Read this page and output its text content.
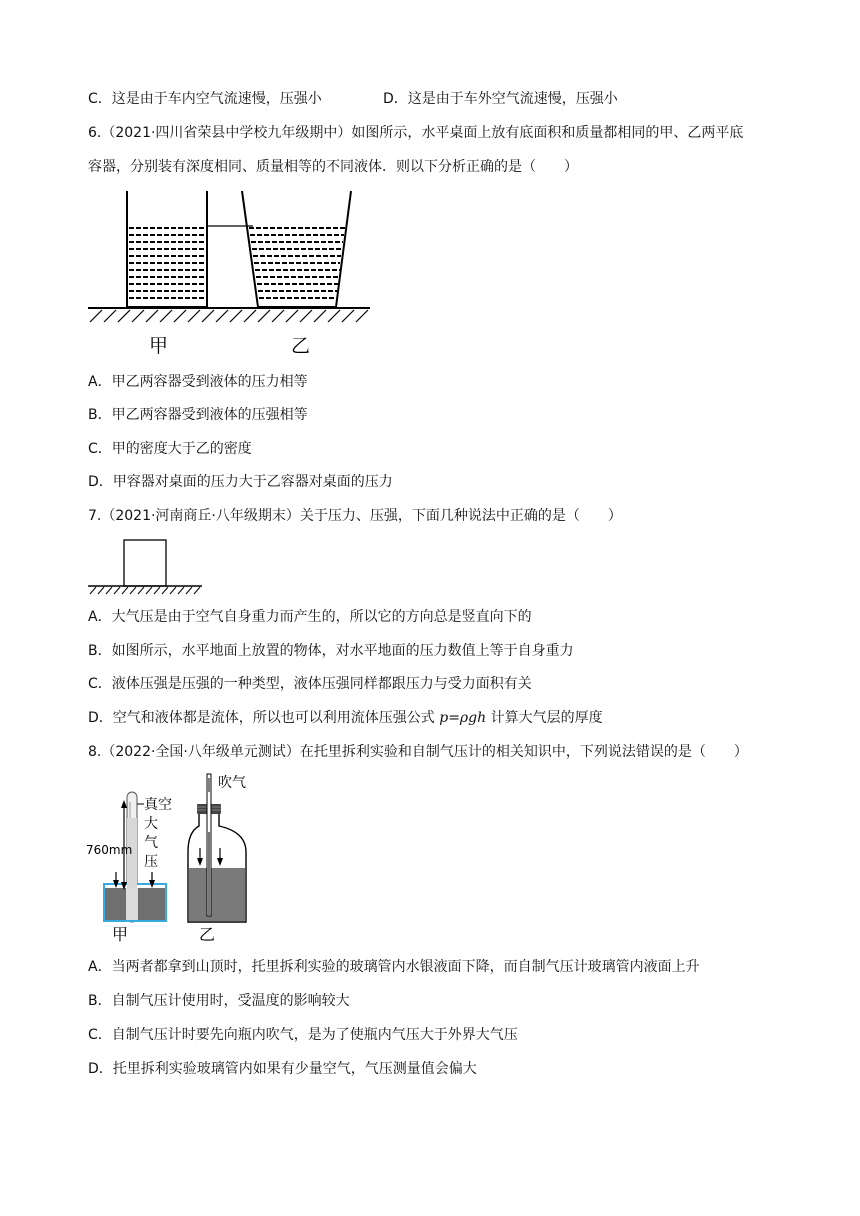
C．这是由于车内空气流速慢，压强小	D．这是由于车外空气流速慢，压强小
6.（2021·四川省荣县中学校九年级期中）如图所示，水平桌面上放有底面积和质量都相同的甲、乙两平底
容器，分别装有深度相同、质量相等的不同液体．则以下分析正确的是（　　）
甲	乙
A．甲乙两容器受到液体的压力相等
B．甲乙两容器受到液体的压强相等
C．甲的密度大于乙的密度
D．甲容器对桌面的压力大于乙容器对桌面的压力
7.（2021·河南商丘·八年级期末）关于压力、压强，下面几种说法中正确的是（　　）
A．大气压是由于空气自身重力而产生的，所以它的方向总是竖直向下的
B．如图所示，水平地面上放置的物体，对水平地面的压力数值上等于自身重力
C．液体压强是压强的一种类型，液体压强同样都跟压力与受力面积有关
D．空气和液体都是流体，所以也可以利用流体压强公式 p=ρgh 计算大气层的厚度
8.（2022·全国·八年级单元测试）在托里拆利实验和自制气压计的相关知识中，下列说法错误的是（　　）
真空
大
气
压
760mm
甲
吹气
乙
A．当两者都拿到山顶时，托里拆利实验的玻璃管内水银液面下降，而自制气压计玻璃管内液面上升
B．自制气压计使用时，受温度的影响较大
C．自制气压计时要先向瓶内吹气，是为了使瓶内气压大于外界大气压
D．托里拆利实验玻璃管内如果有少量空气，气压测量值会偏大
